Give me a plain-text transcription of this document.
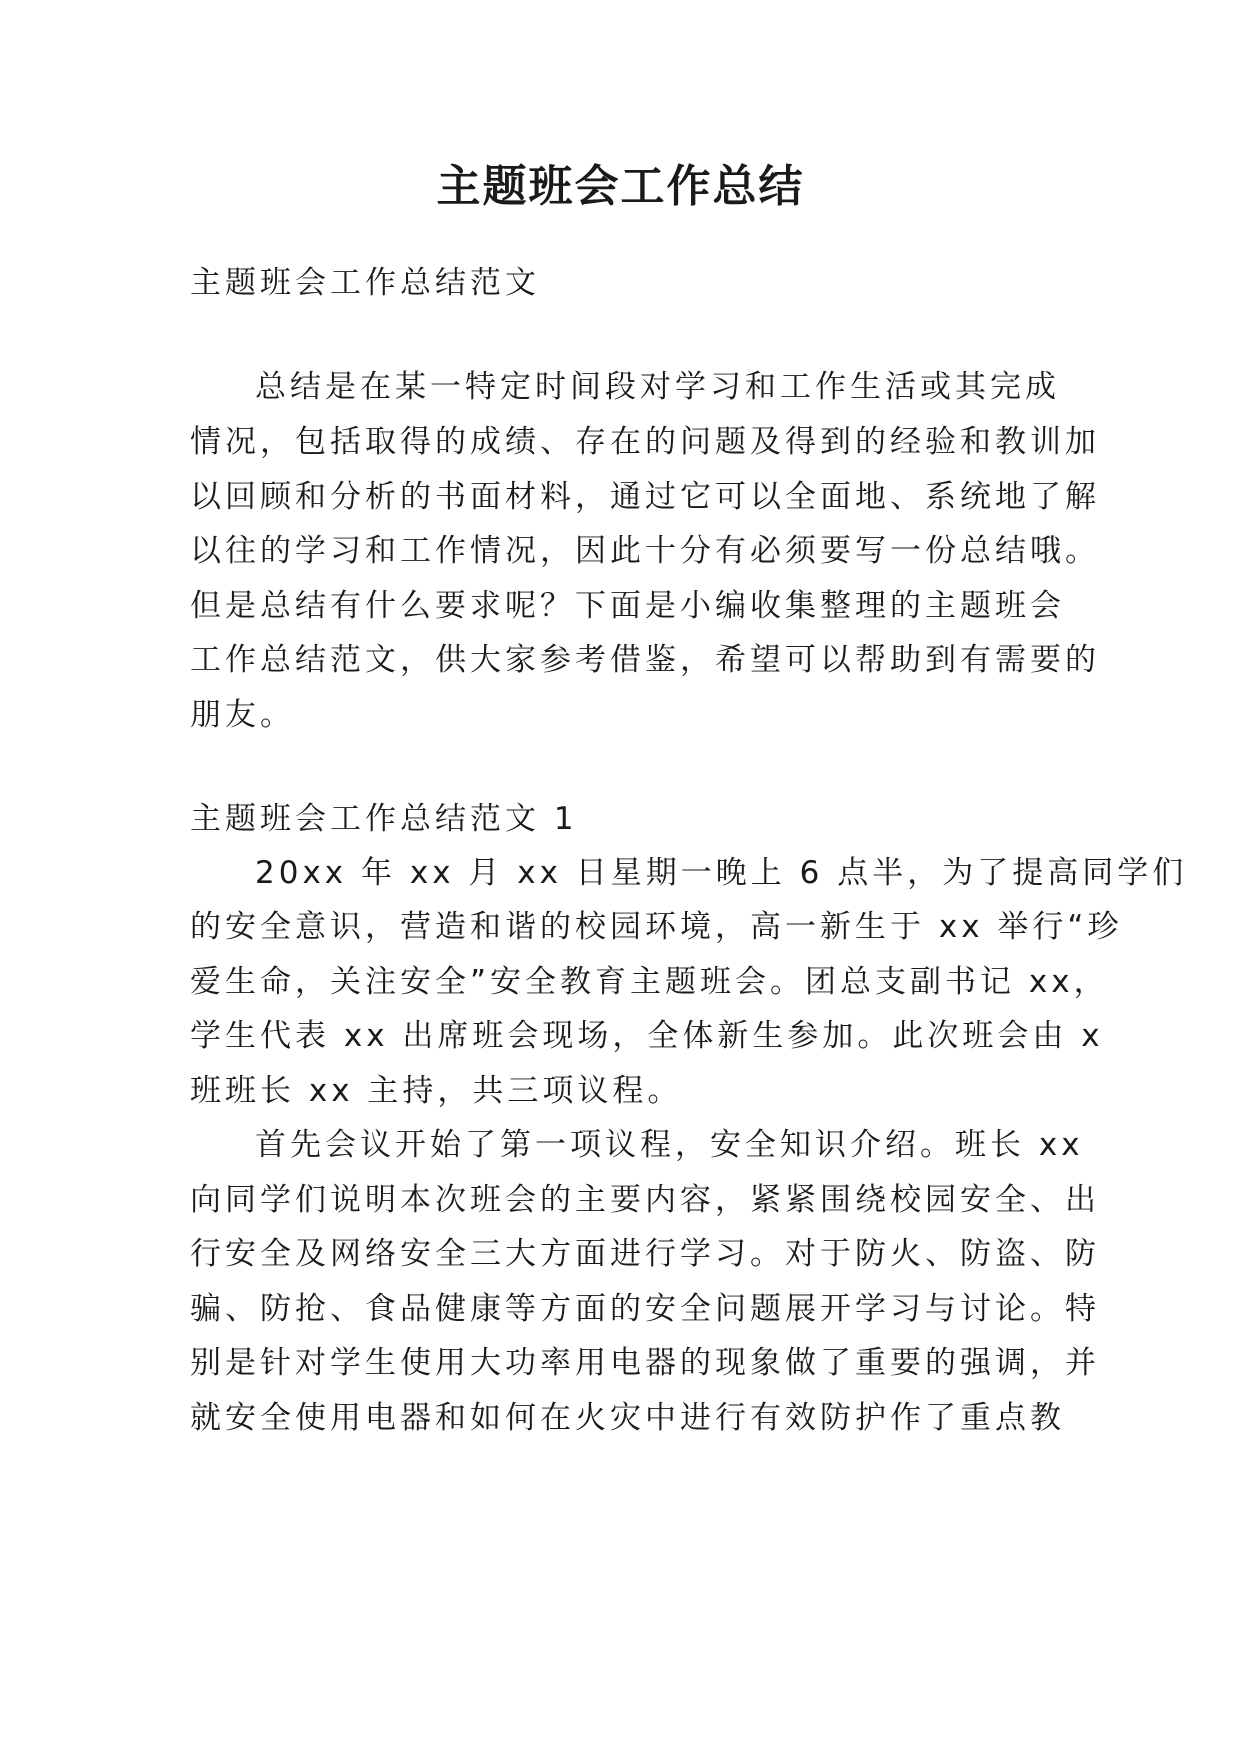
主题班会工作总结
主题班会工作总结范文
总结是在某一特定时间段对学习和工作生活或其完成
情况，包括取得的成绩、存在的问题及得到的经验和教训加
以回顾和分析的书面材料，通过它可以全面地、系统地了解
以往的学习和工作情况，因此十分有必须要写一份总结哦。
但是总结有什么要求呢？下面是小编收集整理的主题班会
工作总结范文，供大家参考借鉴，希望可以帮助到有需要的
朋友。
主题班会工作总结范文 1
20xx 年 xx 月 xx 日星期一晚上 6 点半，为了提高同学们
的安全意识，营造和谐的校园环境，高一新生于 xx 举行“珍
爱生命，关注安全”安全教育主题班会。团总支副书记 xx，
学生代表 xx 出席班会现场，全体新生参加。此次班会由 x
班班长 xx 主持，共三项议程。
首先会议开始了第一项议程，安全知识介绍。班长 xx
向同学们说明本次班会的主要内容，紧紧围绕校园安全、出
行安全及网络安全三大方面进行学习。对于防火、防盗、防
骗、防抢、食品健康等方面的安全问题展开学习与讨论。特
别是针对学生使用大功率用电器的现象做了重要的强调，并
就安全使用电器和如何在火灾中进行有效防护作了重点教
